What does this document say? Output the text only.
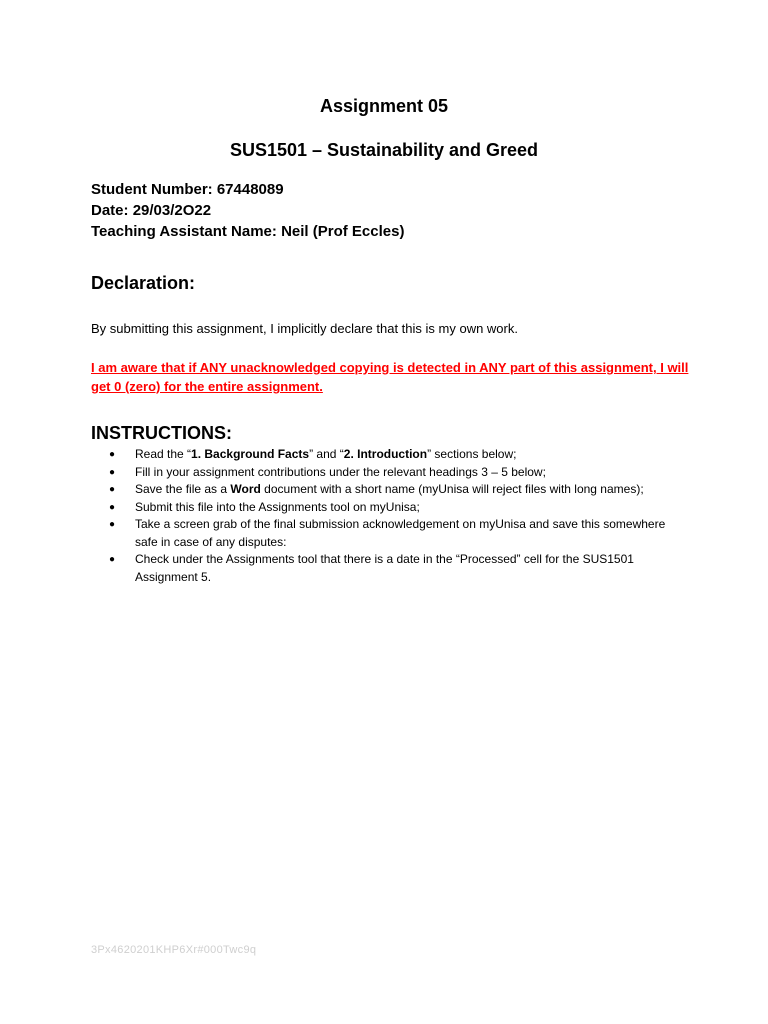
Assignment 05
SUS1501 – Sustainability and Greed
Student Number: 67448089
Date: 29/03/2O22
Teaching Assistant Name: Neil (Prof Eccles)
Declaration:
By submitting this assignment, I implicitly declare that this is my own work.
I am aware that if ANY unacknowledged copying is detected in ANY part of this assignment, I will get 0 (zero) for the entire assignment.
INSTRUCTIONS:
● Read the “1. Background Facts” and “2. Introduction” sections below;
● Fill in your assignment contributions under the relevant headings 3 – 5 below;
● Save the file as a Word document with a short name (myUnisa will reject files with long names);
● Submit this file into the Assignments tool on myUnisa;
● Take a screen grab of the final submission acknowledgement on myUnisa and save this somewhere safe in case of any disputes:
● Check under the Assignments tool that there is a date in the “Processed” cell for the SUS1501 Assignment 5.
3Px4620201KHP6Xr#000Twc9q
